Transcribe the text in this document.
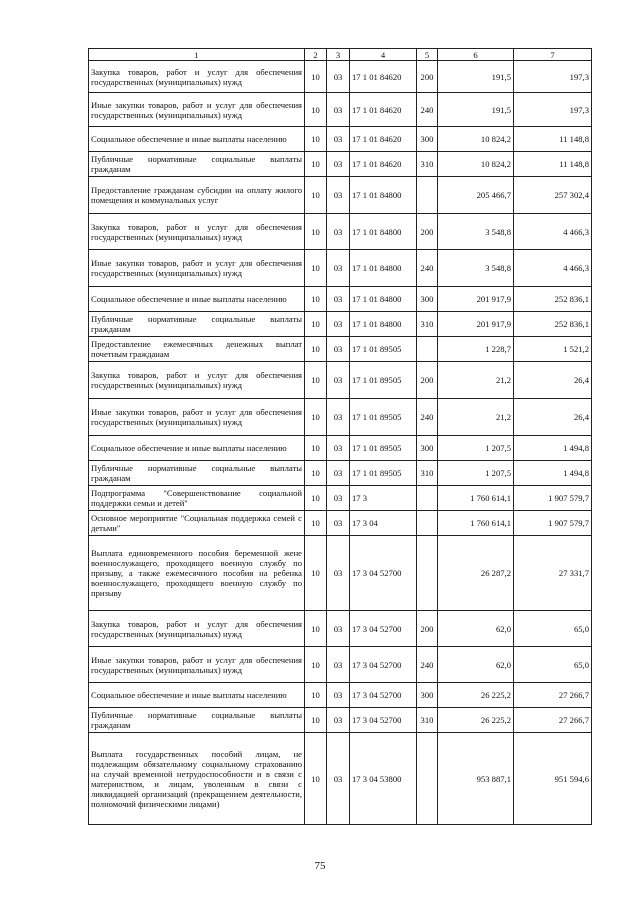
1	2	3	4	5	6	7
Закупка товаров, работ и услуг для обеспечения государственных (муниципальных) нужд	10	03	17 1 01 84620	200	191,5	197,3
Иные закупки товаров, работ и услуг для обеспечения государственных (муниципальных) нужд	10	03	17 1 01 84620	240	191,5	197,3
Социальное обеспечение и иные выплаты населению	10	03	17 1 01 84620	300	10 824,2	11 148,8
Публичные нормативные социальные выплаты гражданам	10	03	17 1 01 84620	310	10 824,2	11 148,8
Предоставление гражданам субсидии на оплату жилого помещения и коммунальных услуг	10	03	17 1 01 84800		205 466,7	257 302,4
Закупка товаров, работ и услуг для обеспечения государственных (муниципальных) нужд	10	03	17 1 01 84800	200	3 548,8	4 466,3
Иные закупки товаров, работ и услуг для обеспечения государственных (муниципальных) нужд	10	03	17 1 01 84800	240	3 548,8	4 466,3
Социальное обеспечение и иные выплаты населению	10	03	17 1 01 84800	300	201 917,9	252 836,1
Публичные нормативные социальные выплаты гражданам	10	03	17 1 01 84800	310	201 917,9	252 836,1
Предоставление ежемесячных денежных выплат почетным гражданам	10	03	17 1 01 89505		1 228,7	1 521,2
Закупка товаров, работ и услуг для обеспечения государственных (муниципальных) нужд	10	03	17 1 01 89505	200	21,2	26,4
Иные закупки товаров, работ и услуг для обеспечения государственных (муниципальных) нужд	10	03	17 1 01 89505	240	21,2	26,4
Социальное обеспечение и иные выплаты населению	10	03	17 1 01 89505	300	1 207,5	1 494,8
Публичные нормативные социальные выплаты гражданам	10	03	17 1 01 89505	310	1 207,5	1 494,8
Подпрограмма "Совершенствование социальной поддержки семьи и детей"	10	03	17 3		1 760 614,1	1 907 579,7
Основное мероприятие "Социальная поддержка семей с детьми"	10	03	17 3 04		1 760 614,1	1 907 579,7
Выплата единовременного пособия беременной жене военнослужащего, проходящего военную службу по призыву, а также ежемесячного пособия на ребенка военнослужащего, проходящего военную службу по призыву	10	03	17 3 04 52700		26 287,2	27 331,7
Закупка товаров, работ и услуг для обеспечения государственных (муниципальных) нужд	10	03	17 3 04 52700	200	62,0	65,0
Иные закупки товаров, работ и услуг для обеспечения государственных (муниципальных) нужд	10	03	17 3 04 52700	240	62,0	65,0
Социальное обеспечение и иные выплаты населению	10	03	17 3 04 52700	300	26 225,2	27 266,7
Публичные нормативные социальные выплаты гражданам	10	03	17 3 04 52700	310	26 225,2	27 266,7
Выплата государственных пособий лицам, не подлежащим обязательному социальному страхованию на случай временной нетрудоспособности и в связи с материнством, и лицам, уволенным в связи с ликвидацией организаций (прекращением деятельности, полномочий физическими лицами)	10	03	17 3 04 53800		953 887,1	951 594,6
75
